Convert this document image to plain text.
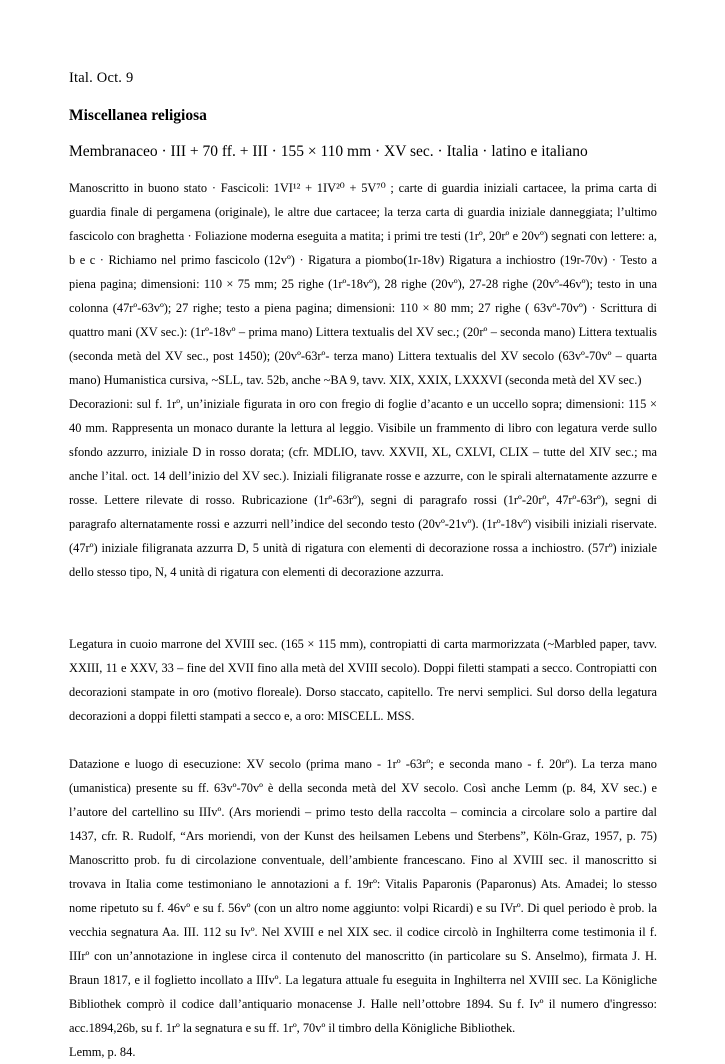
Ital. Oct. 9
Miscellanea religiosa
Membranaceo · III + 70 ff. + III · 155 × 110 mm · XV sec. · Italia · latino e italiano

Manoscritto in buono stato · Fascicoli: 1VI¹² + 1IV²⁰ + 5V⁷⁰ ; carte di guardia iniziali cartacee, la prima carta di guardia finale di pergamena (originale), le altre due cartacee; la terza carta di guardia iniziale danneggiata; l’ultimo fascicolo con braghetta · Foliazione moderna eseguita a matita; i primi tre testi (1rº, 20rº e 20vº) segnati con lettere: a, b e c · Richiamo nel primo fascicolo (12vº) · Rigatura a piombo(1r-18v) Rigatura a inchiostro (19r-70v) · Testo a piena pagina; dimensioni: 110 × 75 mm; 25 righe (1rº-18vº), 28 righe (20vº), 27-28 righe (20vº-46vº); testo in una colonna (47rº-63vº); 27 righe; testo a piena pagina; dimensioni: 110 × 80 mm; 27 righe ( 63vº-70vº) · Scrittura di quattro mani (XV sec.): (1rº-18vº – prima mano) Littera textualis del XV sec.; (20rº – seconda mano) Littera textualis (seconda metà del XV sec., post 1450); (20vº-63rº- terza mano) Littera textualis del XV secolo (63vº-70vº – quarta mano) Humanistica cursiva, ~SLL, tav. 52b, anche ~BA 9, tavv. XIX, XXIX, LXXXVI (seconda metà del XV sec.)

Decorazioni: sul f. 1rº, un’iniziale figurata in oro con fregio di foglie d’acanto e un uccello sopra; dimensioni: 115 × 40 mm. Rappresenta un monaco durante la lettura al leggio. Visibile un frammento di libro con legatura verde sullo sfondo azzurro, iniziale D in rosso dorata; (cfr. MDLIO, tavv. XXVII, XL, CXLVI, CLIX – tutte del XIV sec.; ma anche l’ital. oct. 14 dell’inizio del XV sec.). Iniziali filigranate rosse e azzurre, con le spirali alternatamente azzurre e rosse. Lettere rilevate di rosso. Rubricazione (1rº-63rº), segni di paragrafo rossi (1rº-20rº, 47rº-63rº), segni di paragrafo alternatamente rossi e azzurri nell’indice del secondo testo (20vº-21vº). (1rº-18vº) visibili iniziali riservate. (47rº) iniziale filigranata azzurra D, 5 unità di rigatura con elementi di decorazione rossa a inchiostro. (57rº) iniziale dello stesso tipo, N, 4 unità di rigatura con elementi di decorazione azzurra.

Legatura in cuoio marrone del XVIII sec. (165 × 115 mm), contropiatti di carta marmorizzata (~Marbled paper, tavv. XXIII, 11 e XXV, 33 – fine del XVII fino alla metà del XVIII secolo). Doppi filetti stampati a secco. Contropiatti con decorazioni stampate in oro (motivo floreale). Dorso staccato, capitello. Tre nervi semplici. Sul dorso della legatura decorazioni a doppi filetti stampati a secco e, a oro: MISCELL. MSS.

Datazione e luogo di esecuzione: XV secolo (prima mano - 1rº -63rº; e seconda mano - f. 20rº). La terza mano (umanistica) presente su ff. 63vº-70vº è della seconda metà del XV secolo. Così anche Lemm (p. 84, XV sec.) e l’autore del cartellino su IIIvº. (Ars moriendi – primo testo della raccolta – comincia a circolare solo a partire dal 1437, cfr. R. Rudolf, “Ars moriendi, von der Kunst des heilsamen Lebens und Sterbens”, Köln-Graz, 1957, p. 75) Manoscritto prob. fu di circolazione conventuale, dell’ambiente francescano. Fino al XVIII sec. il manoscritto si trovava in Italia come testimoniano le annotazioni a f. 19rº: Vitalis Paparonis (Paparonus) Ats. Amadei; lo stesso nome ripetuto su f. 46vº e su f. 56vº (con un altro nome aggiunto: volpi Ricardi) e su IVrº. Di quel periodo è prob. la vecchia segnatura Aa. III. 112 su Ivº. Nel XVIII e nel XIX sec. il codice circolò in Inghilterra come testimonia il f. IIIrº con un’annotazione in inglese circa il contenuto del manoscritto (in particolare su S. Anselmo), firmata J. H. Braun 1817, e il foglietto incollato a IIIvº. La legatura attuale fu eseguita in Inghilterra nel XVIII sec. La Königliche Bibliothek comprò il codice dall’antiquario monacense J. Halle nell’ottobre 1894. Su f. Ivº il numero d'ingresso: acc.1894,26b, su f. 1rº la segnatura e su ff. 1rº, 70vº il timbro della Königliche Bibliothek.

Lemm, p. 84.
